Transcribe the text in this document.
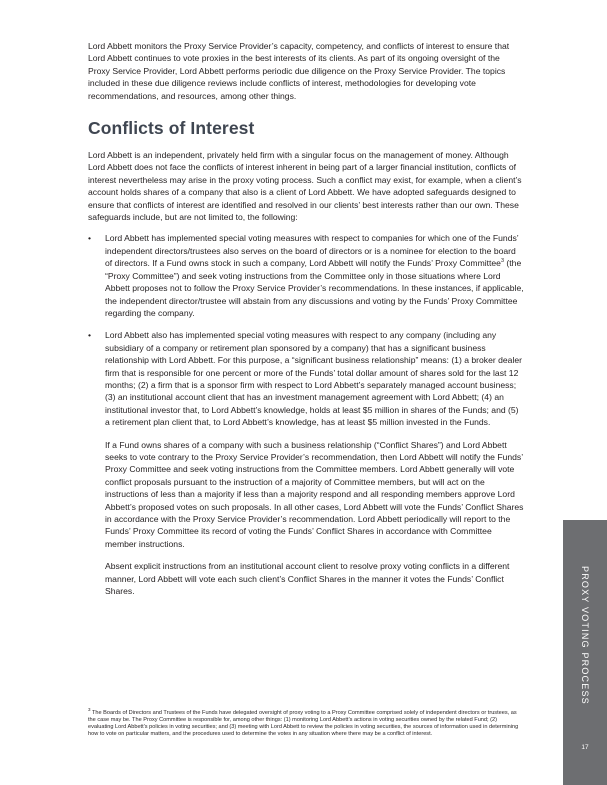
Lord Abbett monitors the Proxy Service Provider’s capacity, competency, and conflicts of interest to ensure that Lord Abbett continues to vote proxies in the best interests of its clients. As part of its ongoing oversight of the Proxy Service Provider, Lord Abbett performs periodic due diligence on the Proxy Service Provider. The topics included in these due diligence reviews include conflicts of interest, methodologies for developing vote recommendations, and resources, among other things.

Conflicts of Interest

Lord Abbett is an independent, privately held firm with a singular focus on the management of money. Although Lord Abbett does not face the conflicts of interest inherent in being part of a larger financial institution, conflicts of interest nevertheless may arise in the proxy voting process. Such a conflict may exist, for example, when a client’s account holds shares of a company that also is a client of Lord Abbett. We have adopted safeguards designed to ensure that conflicts of interest are identified and resolved in our clients’ best interests rather than our own. These safeguards include, but are not limited to, the following:

• Lord Abbett has implemented special voting measures with respect to companies for which one of the Funds’ independent directors/trustees also serves on the board of directors or is a nominee for election to the board of directors. If a Fund owns stock in such a company, Lord Abbett will notify the Funds’ Proxy Committee$^3$ (the “Proxy Committee”) and seek voting instructions from the Committee only in those situations where Lord Abbett proposes not to follow the Proxy Service Provider’s recommendations. In these instances, if applicable, the independent director/trustee will abstain from any discussions and voting by the Funds’ Proxy Committee regarding the company.
• Lord Abbett also has implemented special voting measures with respect to any company (including any subsidiary of a company or retirement plan sponsored by a company) that has a significant business relationship with Lord Abbett. For this purpose, a “significant business relationship” means: (1) a broker dealer firm that is responsible for one percent or more of the Funds’ total dollar amount of shares sold for the last 12 months; (2) a firm that is a sponsor firm with respect to Lord Abbett’s separately managed account business; (3) an institutional account client that has an investment management agreement with Lord Abbett; (4) an institutional investor that, to Lord Abbett’s knowledge, holds at least $5 million in shares of the Funds; and (5) a retirement plan client that, to Lord Abbett’s knowledge, has at least $5 million invested in the Funds.

If a Fund owns shares of a company with such a business relationship (“Conflict Shares”) and Lord Abbett seeks to vote contrary to the Proxy Service Provider’s recommendation, then Lord Abbett will notify the Funds’ Proxy Committee and seek voting instructions from the Committee members. Lord Abbett generally will vote conflict proposals pursuant to the instruction of a majority of Committee members, but will act on the instructions of less than a majority if less than a majority respond and all responding members approve Lord Abbett’s proposed votes on such proposals. In all other cases, Lord Abbett will vote the Funds’ Conflict Shares in accordance with the Proxy Service Provider’s recommendation. Lord Abbett periodically will report to the Funds’ Proxy Committee its record of voting the Funds’ Conflict Shares in accordance with Committee member instructions.

Absent explicit instructions from an institutional account client to resolve proxy voting conflicts in a different manner, Lord Abbett will vote each such client’s Conflict Shares in the manner it votes the Funds’ Conflict Shares.

$^3$ The Boards of Directors and Trustees of the Funds have delegated oversight of proxy voting to a Proxy Committee comprised solely of independent directors or trustees, as the case may be. The Proxy Committee is responsible for, among other things: (1) monitoring Lord Abbett’s actions in voting securities owned by the related Fund; (2) evaluating Lord Abbett’s policies in voting securities; and (3) meeting with Lord Abbett to review the policies in voting securities, the sources of information used in determining how to vote on particular matters, and the procedures used to determine the votes in any situation where there may be a conflict of interest.
PROXY VOTING PROCESS
17
